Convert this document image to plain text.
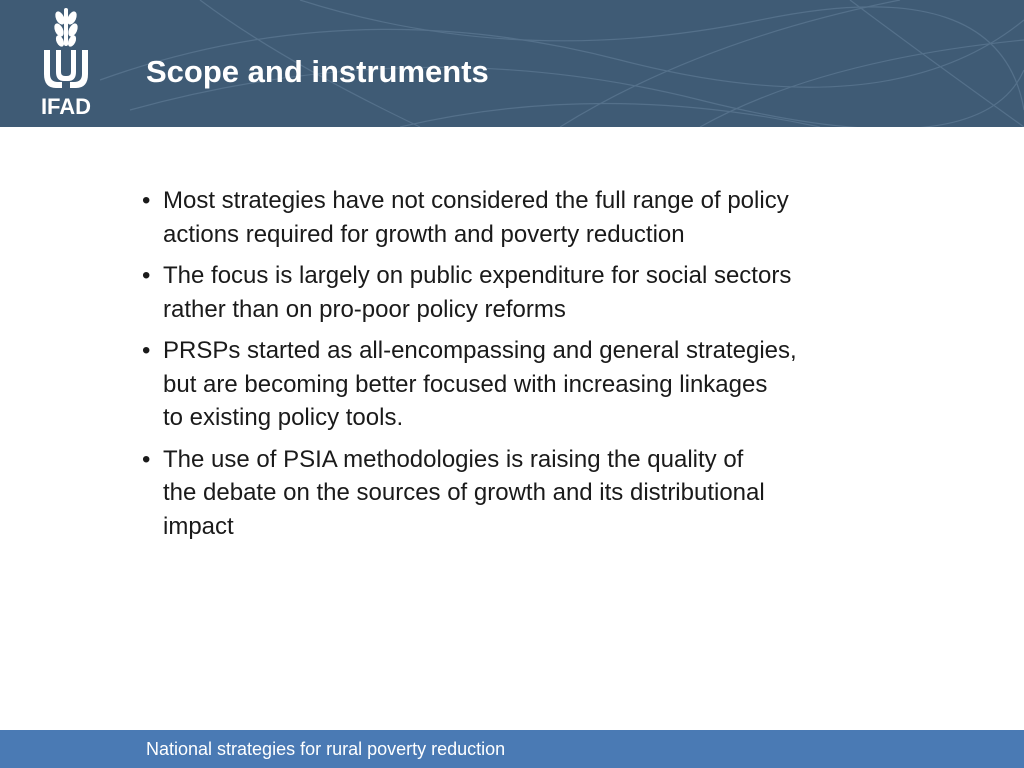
IFAD
Scope and instruments
• Most strategies have not considered the full range of policy
actions required for growth and poverty reduction
• The focus is largely on public expenditure for social sectors
rather than on pro-poor policy reforms
• PRSPs started as all-encompassing and general strategies,
but are becoming better focused with increasing linkages
to existing policy tools.
• The use of PSIA methodologies is raising the quality of
the debate on the sources of growth and its distributional
impact
National strategies for rural poverty reduction
